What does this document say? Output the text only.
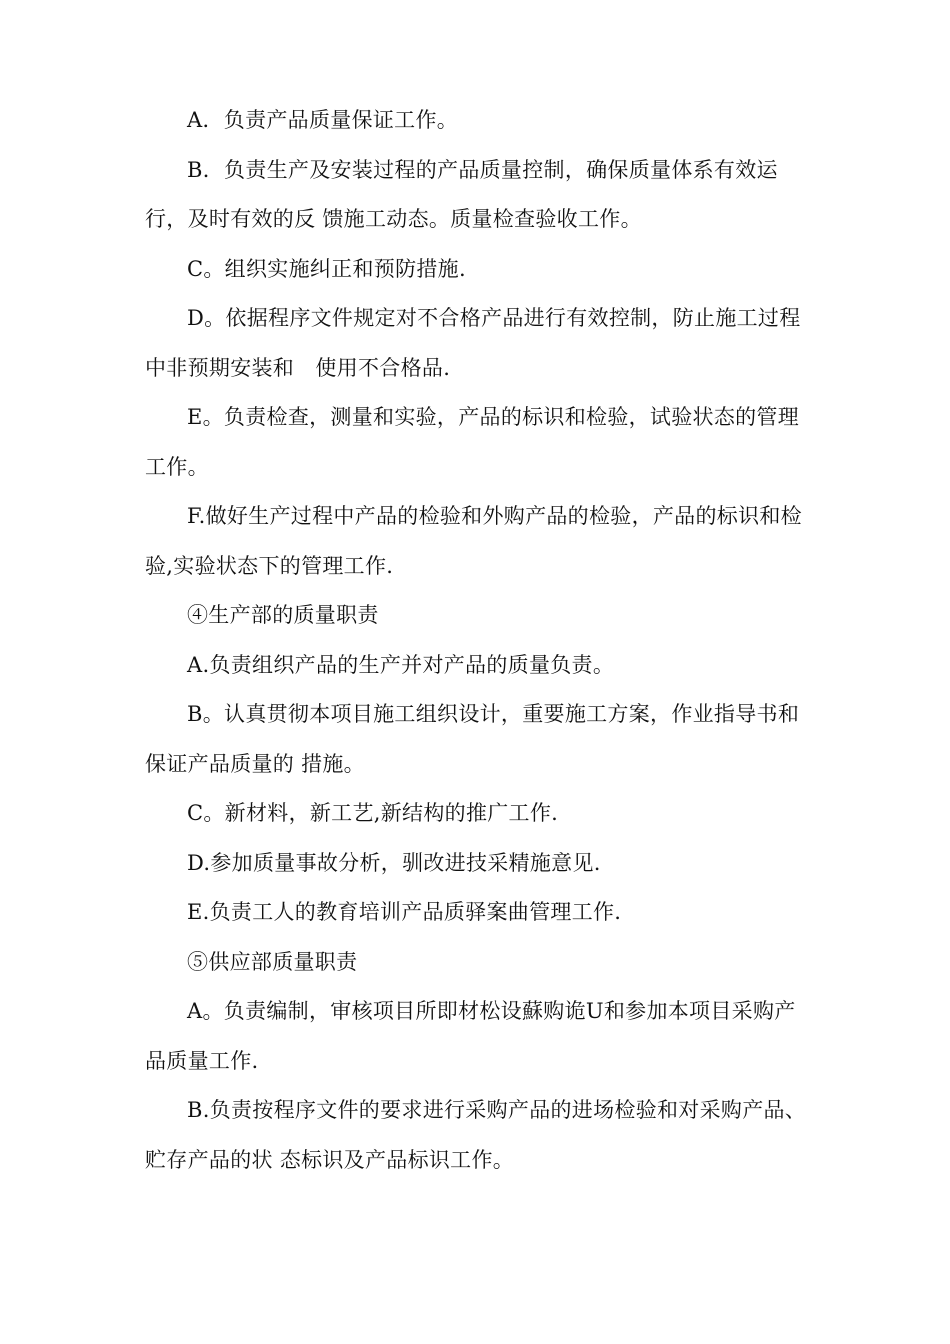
A．负责产品质量保证工作。

B．负责生产及安装过程的产品质量控制，确保质量体系有效运行，及时有效的反 馈施工动态。质量检查验收工作。

C。组织实施纠正和预防措施.

D。依据程序文件规定对不合格产品进行有效控制，防止施工过程中非预期安装和　使用不合格品.

E。负责检查，测量和实验，产品的标识和检验，试验状态的管理工作。

F.做好生产过程中产品的检验和外购产品的检验，产品的标识和检验,实验状态下的管理工作.

④生产部的质量职责

A.负责组织产品的生产并对产品的质量负责。

B。认真贯彻本项目施工组织设计，重要施工方案，作业指导书和保证产品质量的 措施。

C。新材料，新工艺,新结构的推广工作.

D.参加质量事故分析，驯改进技采精施意见.

E.负责工人的教育培训产品质驿案曲管理工作.

⑤供应部质量职责

A。负责编制，审核项目所即材松设蘇购诡U和参加本项目采购产品质量工作.

B.负责按程序文件的要求进行采购产品的进场检验和对采购产品、贮存产品的状 态标识及产品标识工作。
